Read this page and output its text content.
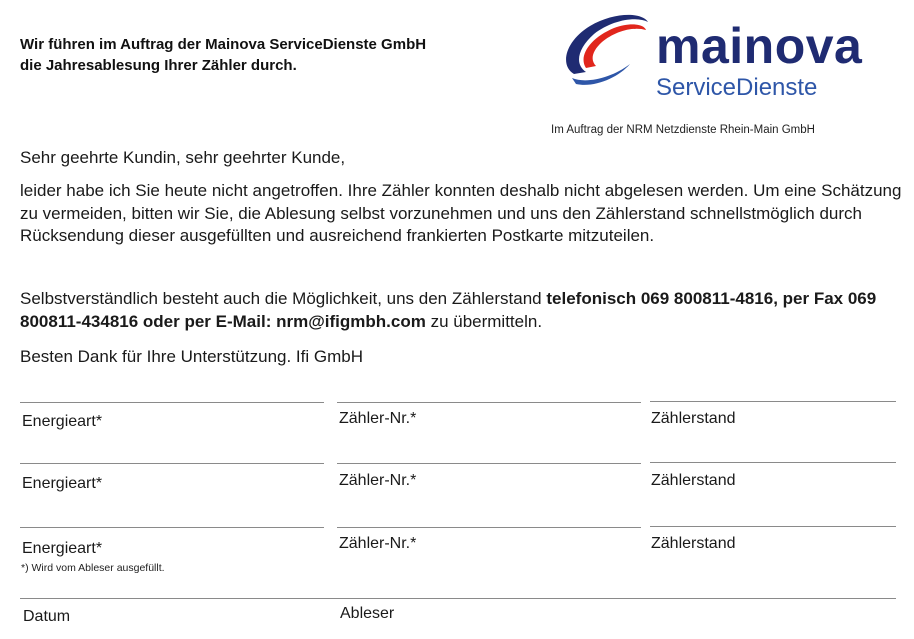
Wir führen im Auftrag der Mainova ServiceDienste GmbH
die Jahresablesung Ihrer Zähler durch.	mainova
ServiceDienste
Im Auftrag der NRM Netzdienste Rhein-Main GmbH
Sehr geehrte Kundin, sehr geehrter Kunde,
leider habe ich Sie heute nicht angetroffen. Ihre Zähler konnten deshalb nicht abgelesen werden. Um eine Schätzung zu vermeiden, bitten wir Sie, die Ablesung selbst vorzunehmen und uns den Zählerstand schnellstmöglich durch Rücksendung dieser ausgefüllten und ausreichend frankierten Postkarte mitzuteilen.
Selbstverständlich besteht auch die Möglichkeit, uns den Zählerstand telefonisch 069 800811-4816, per Fax 069 800811-434816 oder per E-Mail: nrm@ifigmbh.com zu übermitteln.
Besten Dank für Ihre Unterstützung. Ifi GmbH
Energieart*	Zähler-Nr.*	Zählerstand
Energieart*	Zähler-Nr.*	Zählerstand
Energieart*	Zähler-Nr.*	Zählerstand
*) Wird vom Ableser ausgefüllt.
Datum	Ableser
